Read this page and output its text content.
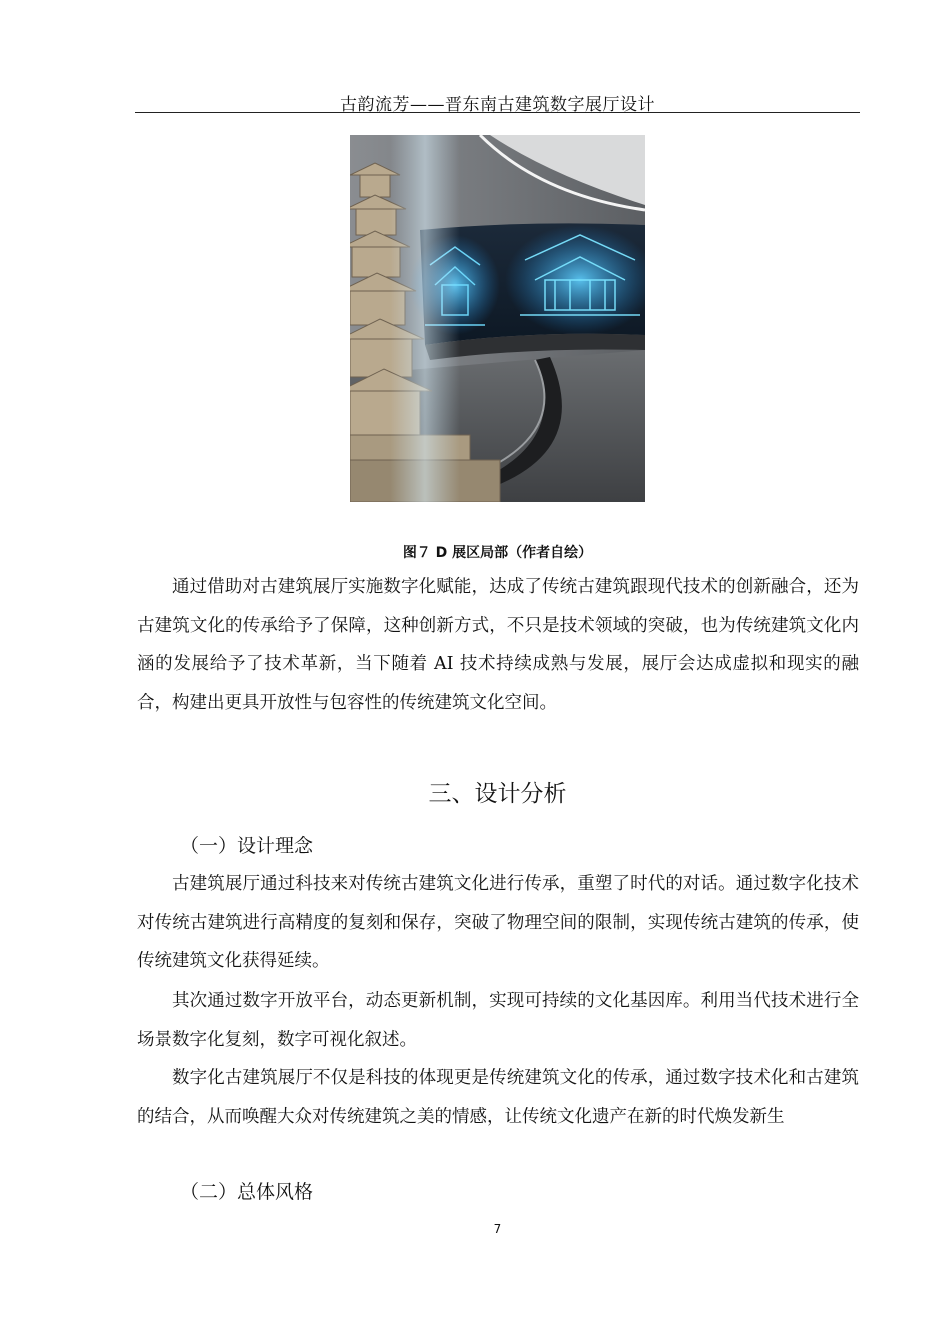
古韵流芳——晋东南古建筑数字展厅设计
图７ D 展区局部（作者自绘）

通过借助对古建筑展厅实施数字化赋能，达成了传统古建筑跟现代技术的创新融合，还为古建筑文化的传承给予了保障，这种创新方式，不只是技术领域的突破，也为传统建筑文化内涵的发展给予了技术革新，当下随着 AI 技术持续成熟与发展，展厅会达成虚拟和现实的融合，构建出更具开放性与包容性的传统建筑文化空间。

三、设计分析
（一）设计理念

古建筑展厅通过科技来对传统古建筑文化进行传承，重塑了时代的对话。通过数字化技术对传统古建筑进行高精度的复刻和保存，突破了物理空间的限制，实现传统古建筑的传承，使传统建筑文化获得延续。

其次通过数字开放平台，动态更新机制，实现可持续的文化基因库。利用当代技术进行全场景数字化复刻，数字可视化叙述。

数字化古建筑展厅不仅是科技的体现更是传统建筑文化的传承，通过数字技术化和古建筑的结合，从而唤醒大众对传统建筑之美的情感，让传统文化遗产在新的时代焕发新生

（二）总体风格
7
